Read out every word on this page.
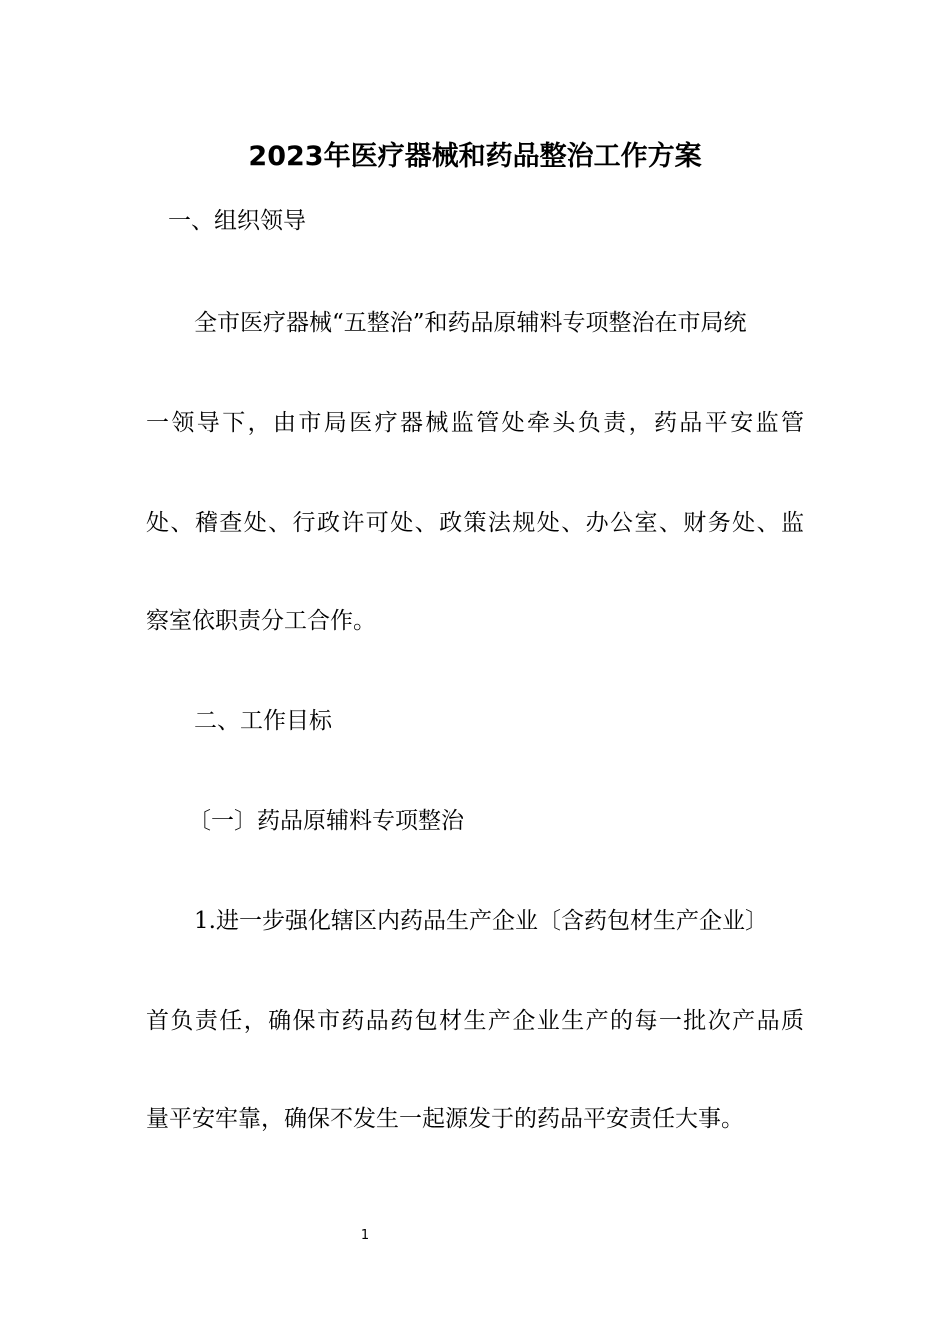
2023年医疗器械和药品整治工作方案
一、组织领导
全市医疗器械“五整治”和药品原辅料专项整治在市局统
一领导下，由市局医疗器械监管处牵头负责，药品平安监管
处、稽查处、行政许可处、政策法规处、办公室、财务处、监
察室依职责分工合作。
二、工作目标
〔一〕药品原辅料专项整治
1.进一步强化辖区内药品生产企业〔含药包材生产企业〕
首负责任，确保市药品药包材生产企业生产的每一批次产品质
量平安牢靠，确保不发生一起源发于的药品平安责任大事。
1
